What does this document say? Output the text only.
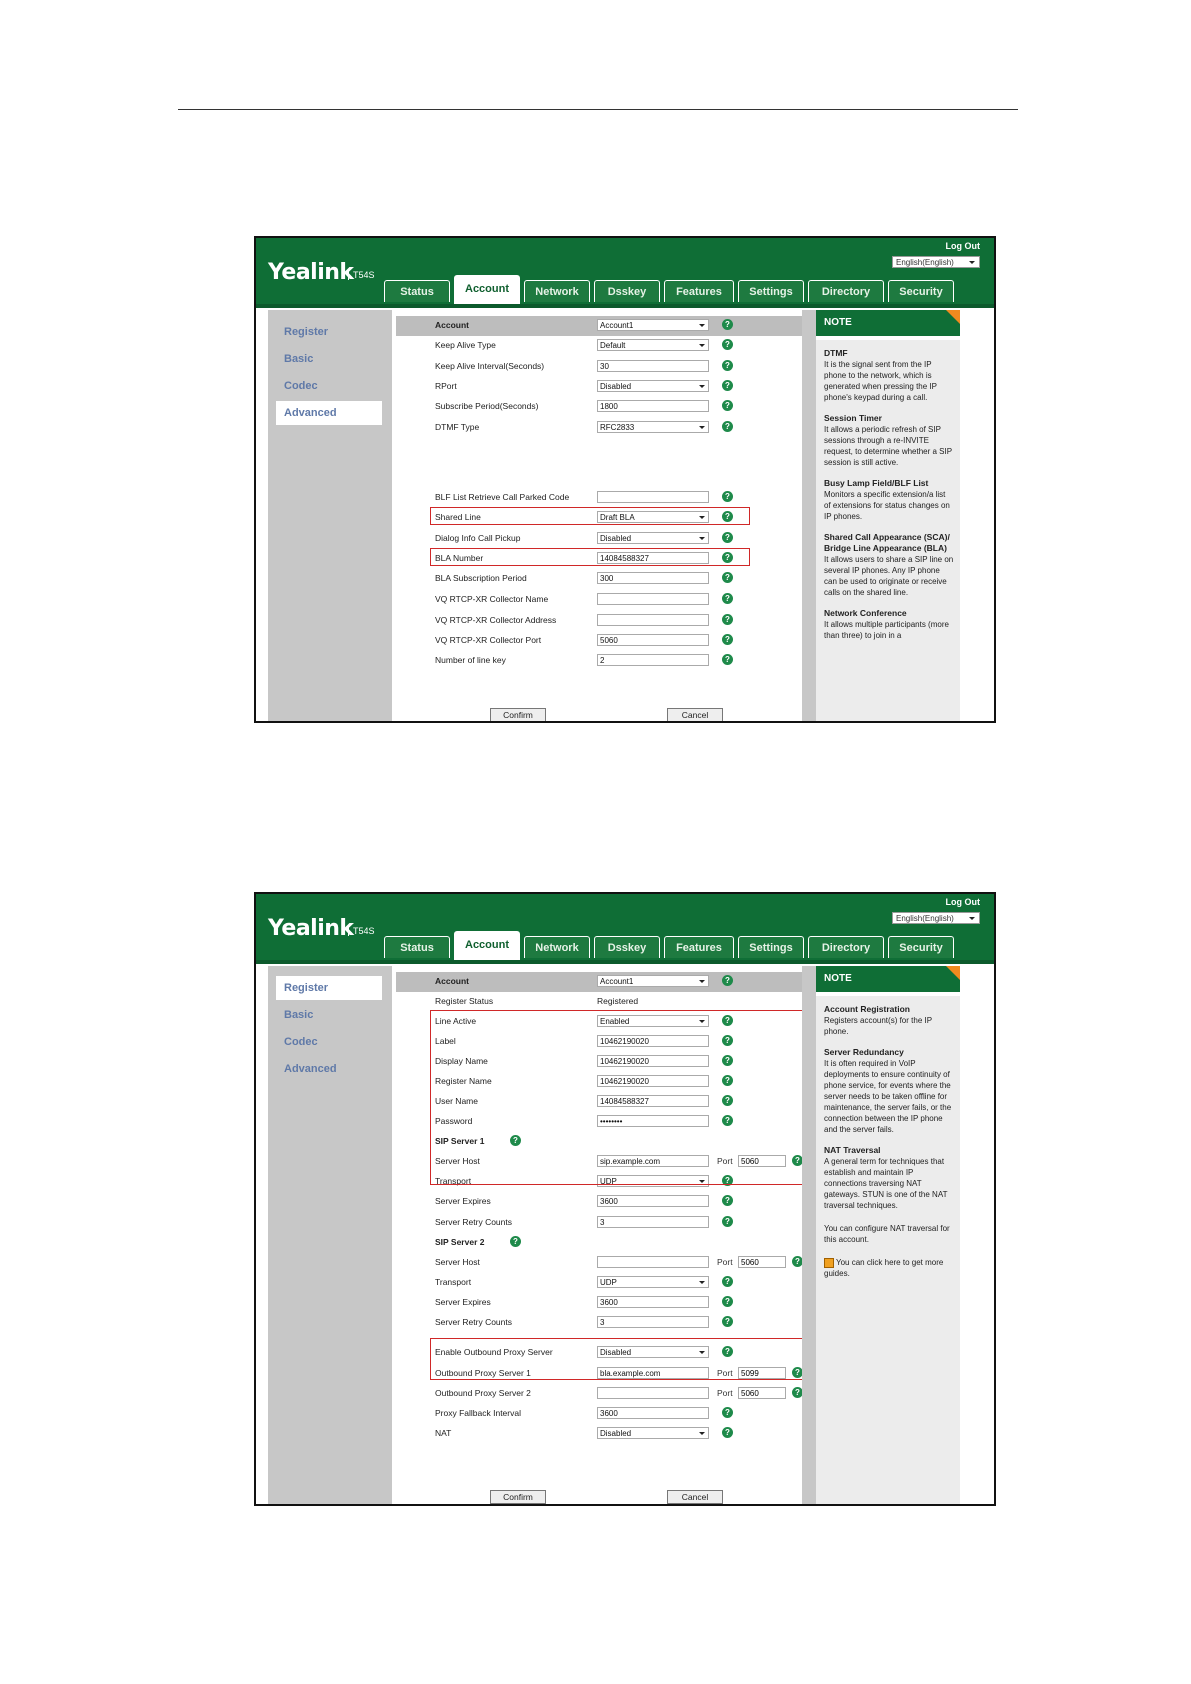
Yealink T54S
Log Out
English(English)
Status	Account	Network	Dsskey	Features	Settings	Directory	Security
Register
Basic
Codec
Advanced
Account	Account1	?
Keep Alive Type	Default	?
Keep Alive Interval(Seconds)	30	?
RPort	Disabled	?
Subscribe Period(Seconds)	1800	?
DTMF Type	RFC2833	?
BLF List Retrieve Call Parked Code	?
Shared Line	Draft BLA	?
Dialog Info Call Pickup	Disabled	?
BLA Number	14084588327	?
BLA Subscription Period	300	?
VQ RTCP-XR Collector Name	?
VQ RTCP-XR Collector Address	?
VQ RTCP-XR Collector Port	5060	?
Number of line key	2	?
Confirm	Cancel
NOTE
DTMF
It is the signal sent from the IP phone to the network, which is generated when pressing the IP phone's keypad during a call.
Session Timer
It allows a periodic refresh of SIP sessions through a re-INVITE request, to determine whether a SIP session is still active.
Busy Lamp Field/BLF List
Monitors a specific extension/a list of extensions for status changes on IP phones.
Shared Call Appearance (SCA)/ Bridge Line Appearance (BLA)
It allows users to share a SIP line on several IP phones. Any IP phone can be used to originate or receive calls on the shared line.
Network Conference
It allows multiple participants (more than three) to join in a
Yealink T54S
Log Out
English(English)
Status	Account	Network	Dsskey	Features	Settings	Directory	Security
Register
Basic
Codec
Advanced
Account	Account1	?
Register Status	Registered
Line Active	Enabled	?
Label	10462190020	?
Display Name	10462190020	?
Register Name	10462190020	?
User Name	14084588327	?
Password	••••••••	?
SIP Server 1	?
Server Host	sip.example.com	Port	5060	?
Transport	UDP	?
Server Expires	3600	?
Server Retry Counts	3	?
SIP Server 2	?
Server Host	Port	5060	?
Transport	UDP	?
Server Expires	3600	?
Server Retry Counts	3	?
Enable Outbound Proxy Server	Disabled	?
Outbound Proxy Server 1	bla.example.com	Port	5099	?
Outbound Proxy Server 2	Port	5060	?
Proxy Fallback Interval	3600	?
NAT	Disabled	?
Confirm	Cancel
NOTE
Account Registration
Registers account(s) for the IP phone.
Server Redundancy
It is often required in VoIP deployments to ensure continuity of phone service, for events where the server needs to be taken offline for maintenance, the server fails, or the connection between the IP phone and the server fails.
NAT Traversal
A general term for techniques that establish and maintain IP connections traversing NAT gateways. STUN is one of the NAT traversal techniques.
You can configure NAT traversal for this account.
You can click here to get more guides.
